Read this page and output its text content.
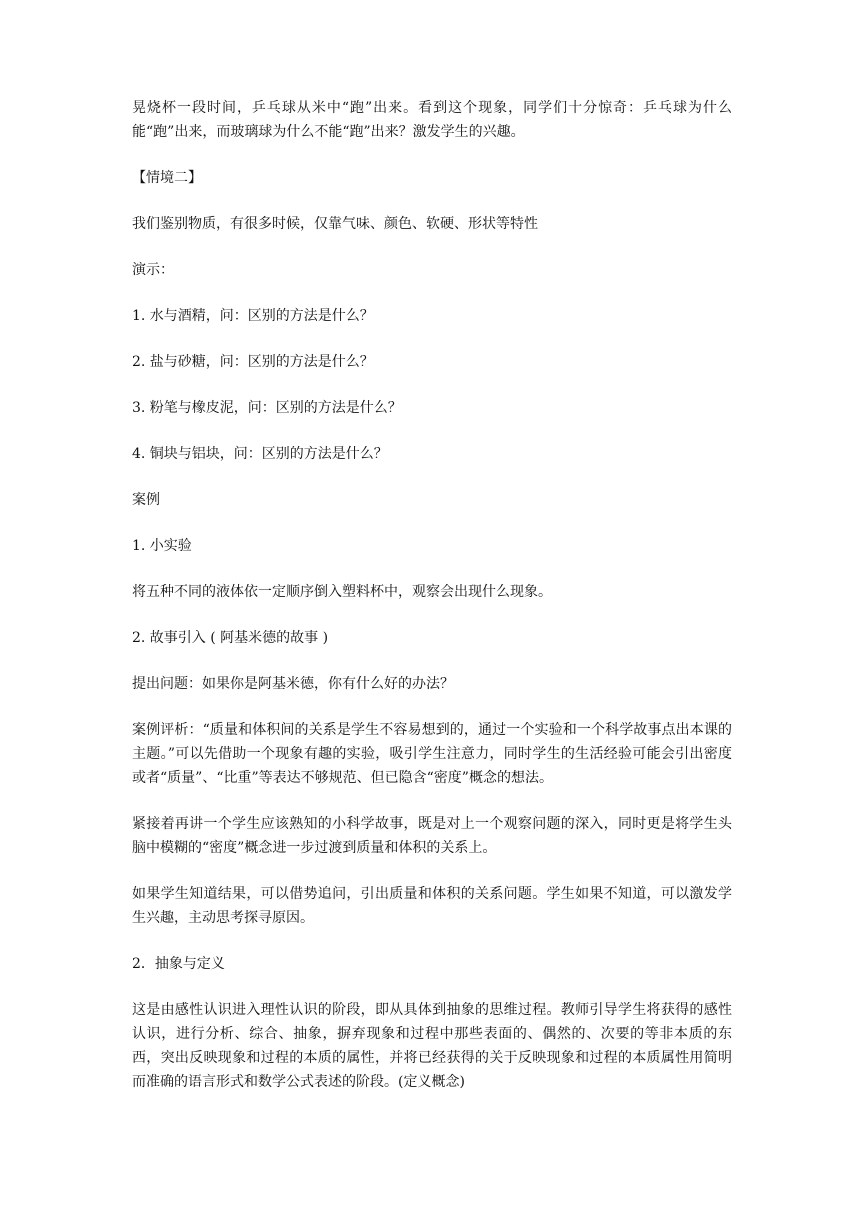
晃烧杯一段时间，乒乓球从米中“跑”出来。看到这个现象，同学们十分惊奇：乒乓球为什么能“跑”出来，而玻璃球为什么不能“跑”出来？激发学生的兴趣。

【情境二】

我们鉴别物质，有很多时候，仅靠气味、颜色、软硬、形状等特性

演示：

1. 水与酒精，问：区别的方法是什么？

2. 盐与砂糖，问：区别的方法是什么？

3. 粉笔与橡皮泥，问：区别的方法是什么？

4. 铜块与铝块，问：区别的方法是什么？

案例

1. 小实验

将五种不同的液体依一定顺序倒入塑料杯中，观察会出现什么现象。

2. 故事引入 ( 阿基米德的故事 )

提出问题：如果你是阿基米德，你有什么好的办法？

案例评析：“质量和体积间的关系是学生不容易想到的，通过一个实验和一个科学故事点出本课的主题。”可以先借助一个现象有趣的实验，吸引学生注意力，同时学生的生活经验可能会引出密度或者“质量”、“比重”等表达不够规范、但已隐含“密度”概念的想法。

紧接着再讲一个学生应该熟知的小科学故事，既是对上一个观察问题的深入，同时更是将学生头脑中模糊的“密度”概念进一步过渡到质量和体积的关系上。

如果学生知道结果，可以借势追问，引出质量和体积的关系问题。学生如果不知道，可以激发学生兴趣，主动思考探寻原因。

2．抽象与定义

这是由感性认识进入理性认识的阶段，即从具体到抽象的思维过程。教师引导学生将获得的感性认识，进行分析、综合、抽象，摒弃现象和过程中那些表面的、偶然的、次要的等非本质的东西，突出反映现象和过程的本质的属性，并将已经获得的关于反映现象和过程的本质属性用简明而准确的语言形式和数学公式表述的阶段。(定义概念)
